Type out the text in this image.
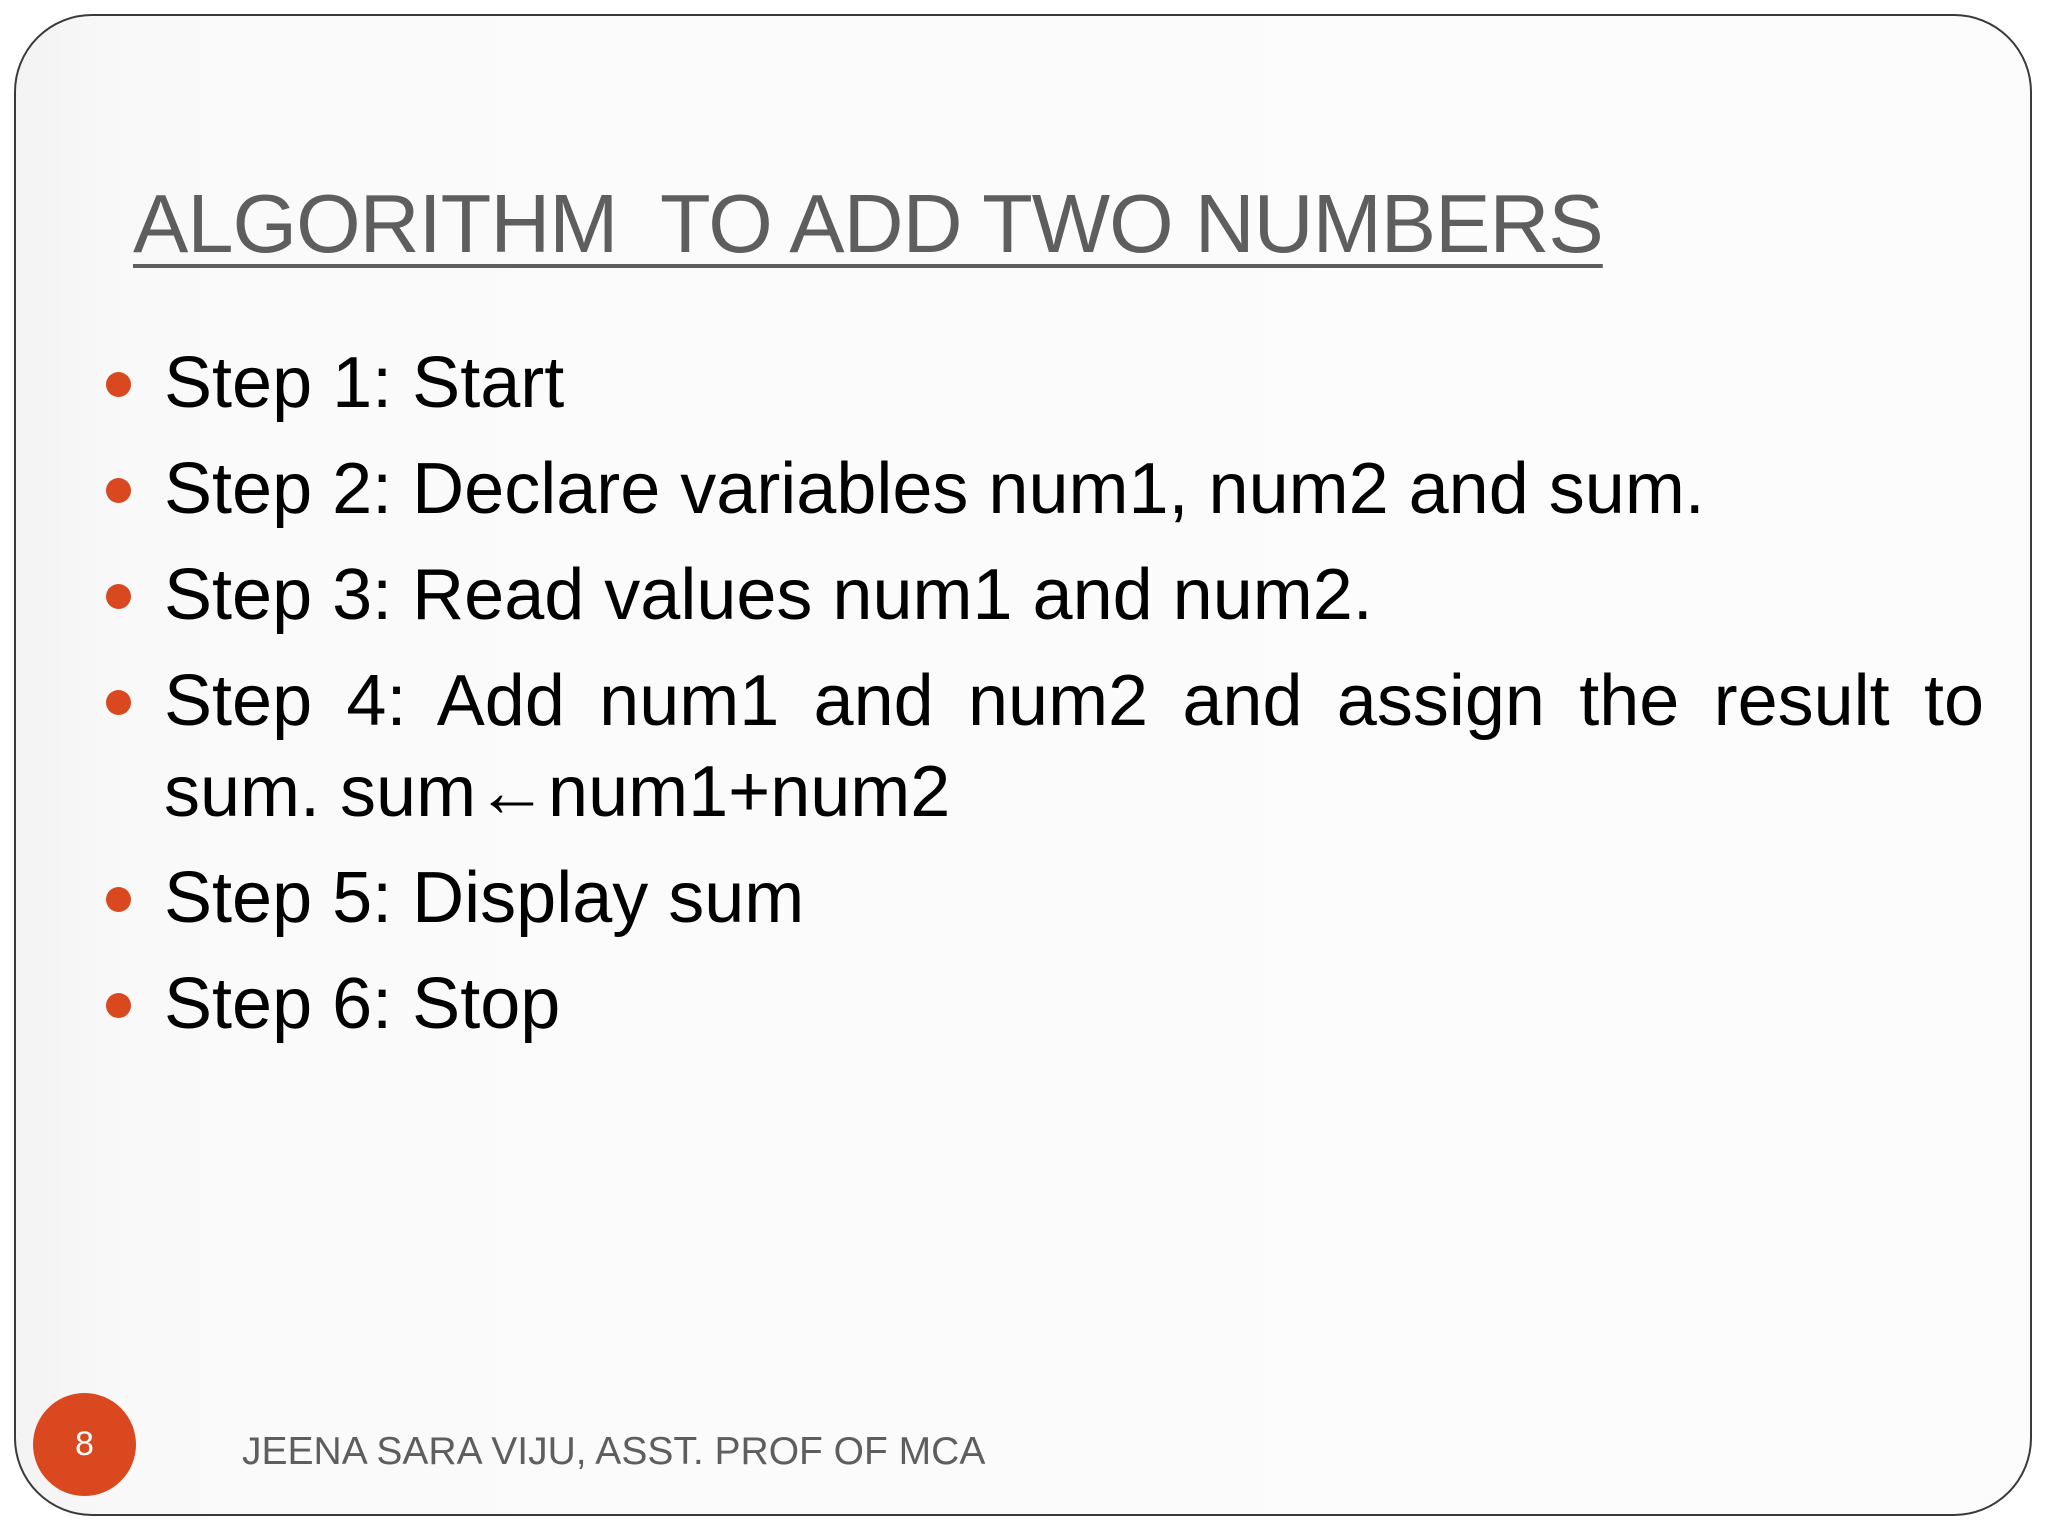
ALGORITHM  TO ADD TWO NUMBERS
Step 1: Start
Step 2: Declare variables num1, num2 and sum.
Step 3: Read values num1 and num2.
Step 4: Add num1 and num2 and assign the result to sum. sum←num1+num2
Step 5: Display sum
Step 6: Stop
JEENA SARA VIJU, ASST. PROF OF MCA
8
